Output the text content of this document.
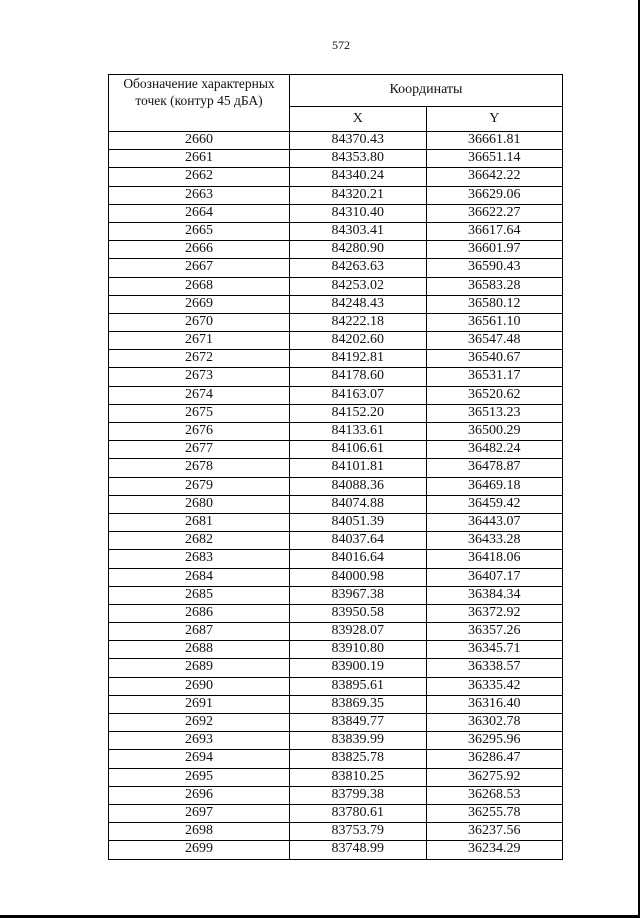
572
Обозначение характерных точек (контур 45 дБА)	Координаты	
	X	Y
2660	84370.43	36661.81
2661	84353.80	36651.14
2662	84340.24	36642.22
2663	84320.21	36629.06
2664	84310.40	36622.27
2665	84303.41	36617.64
2666	84280.90	36601.97
2667	84263.63	36590.43
2668	84253.02	36583.28
2669	84248.43	36580.12
2670	84222.18	36561.10
2671	84202.60	36547.48
2672	84192.81	36540.67
2673	84178.60	36531.17
2674	84163.07	36520.62
2675	84152.20	36513.23
2676	84133.61	36500.29
2677	84106.61	36482.24
2678	84101.81	36478.87
2679	84088.36	36469.18
2680	84074.88	36459.42
2681	84051.39	36443.07
2682	84037.64	36433.28
2683	84016.64	36418.06
2684	84000.98	36407.17
2685	83967.38	36384.34
2686	83950.58	36372.92
2687	83928.07	36357.26
2688	83910.80	36345.71
2689	83900.19	36338.57
2690	83895.61	36335.42
2691	83869.35	36316.40
2692	83849.77	36302.78
2693	83839.99	36295.96
2694	83825.78	36286.47
2695	83810.25	36275.92
2696	83799.38	36268.53
2697	83780.61	36255.78
2698	83753.79	36237.56
2699	83748.99	36234.29
